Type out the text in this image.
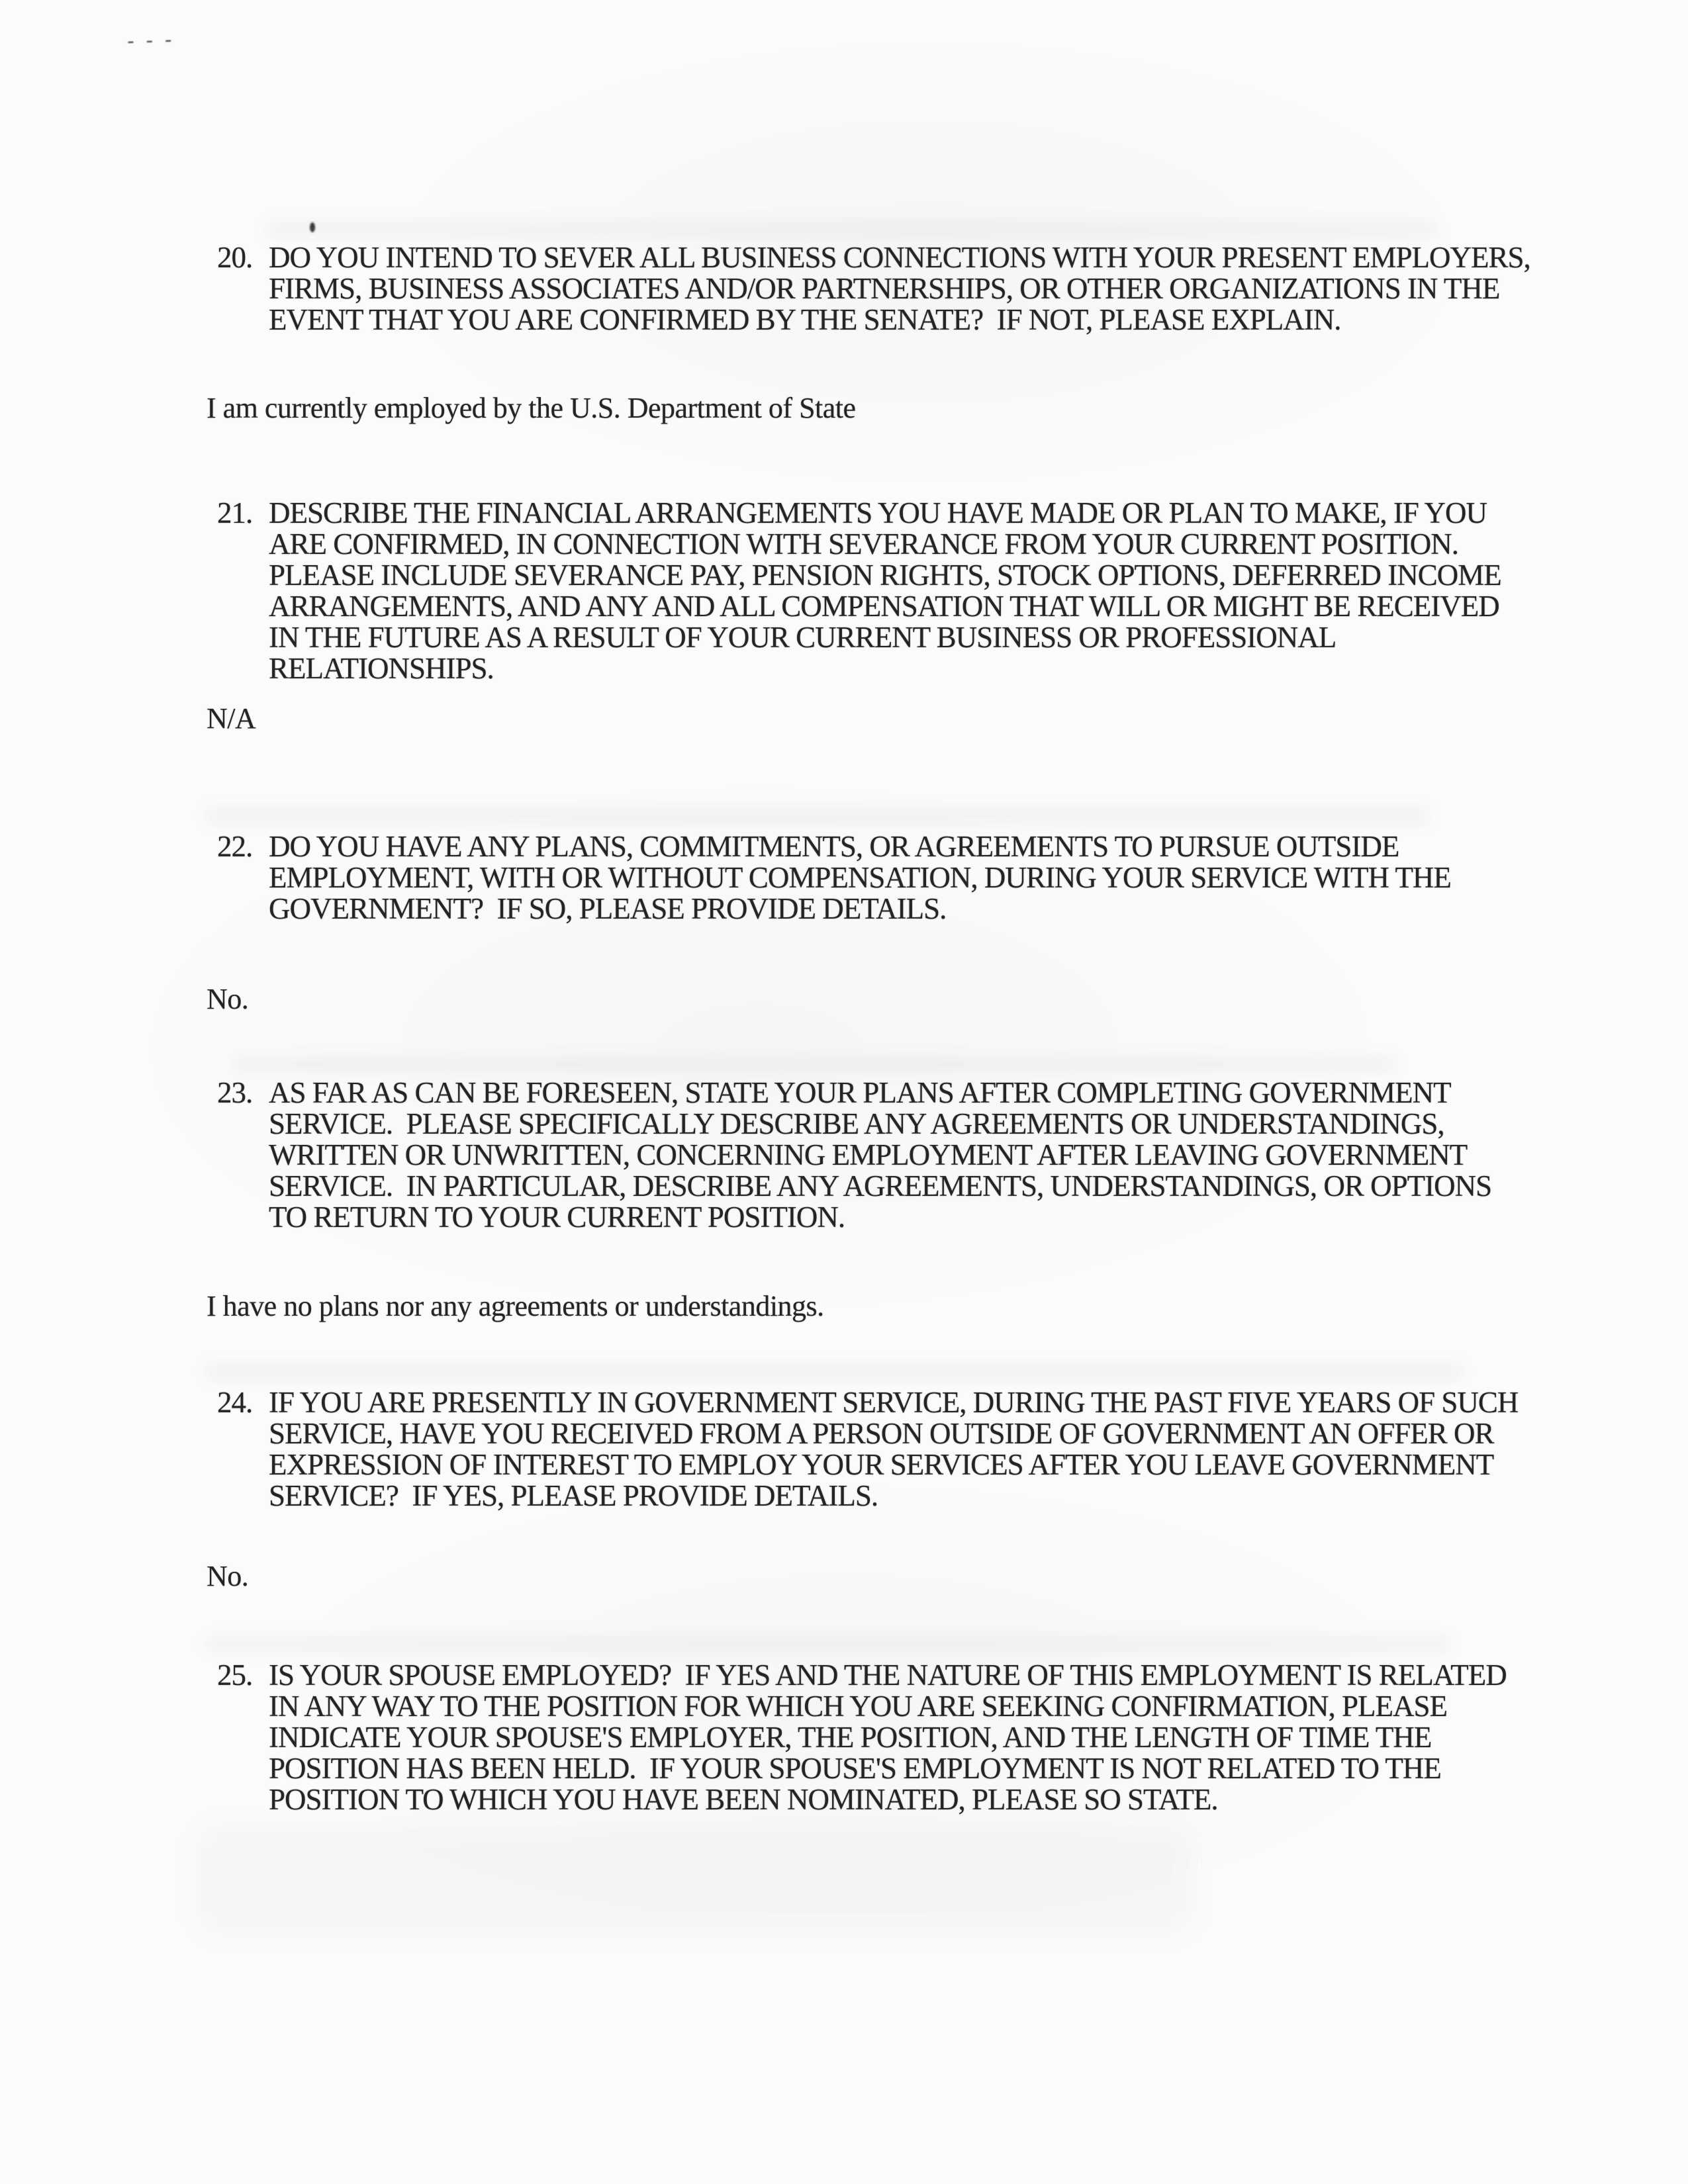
- - -
20. DO YOU INTEND TO SEVER ALL BUSINESS CONNECTIONS WITH YOUR PRESENT EMPLOYERS,
FIRMS, BUSINESS ASSOCIATES AND/OR PARTNERSHIPS, OR OTHER ORGANIZATIONS IN THE
EVENT THAT YOU ARE CONFIRMED BY THE SENATE?  IF NOT, PLEASE EXPLAIN.
I am currently employed by the U.S. Department of State
21. DESCRIBE THE FINANCIAL ARRANGEMENTS YOU HAVE MADE OR PLAN TO MAKE, IF YOU
ARE CONFIRMED, IN CONNECTION WITH SEVERANCE FROM YOUR CURRENT POSITION.
PLEASE INCLUDE SEVERANCE PAY, PENSION RIGHTS, STOCK OPTIONS, DEFERRED INCOME
ARRANGEMENTS, AND ANY AND ALL COMPENSATION THAT WILL OR MIGHT BE RECEIVED
IN THE FUTURE AS A RESULT OF YOUR CURRENT BUSINESS OR PROFESSIONAL
RELATIONSHIPS.
N/A
22. DO YOU HAVE ANY PLANS, COMMITMENTS, OR AGREEMENTS TO PURSUE OUTSIDE
EMPLOYMENT, WITH OR WITHOUT COMPENSATION, DURING YOUR SERVICE WITH THE
GOVERNMENT?  IF SO, PLEASE PROVIDE DETAILS.
No.
23. AS FAR AS CAN BE FORESEEN, STATE YOUR PLANS AFTER COMPLETING GOVERNMENT
SERVICE.  PLEASE SPECIFICALLY DESCRIBE ANY AGREEMENTS OR UNDERSTANDINGS,
WRITTEN OR UNWRITTEN, CONCERNING EMPLOYMENT AFTER LEAVING GOVERNMENT
SERVICE.  IN PARTICULAR, DESCRIBE ANY AGREEMENTS, UNDERSTANDINGS, OR OPTIONS
TO RETURN TO YOUR CURRENT POSITION.
I have no plans nor any agreements or understandings.
24. IF YOU ARE PRESENTLY IN GOVERNMENT SERVICE, DURING THE PAST FIVE YEARS OF SUCH
SERVICE, HAVE YOU RECEIVED FROM A PERSON OUTSIDE OF GOVERNMENT AN OFFER OR
EXPRESSION OF INTEREST TO EMPLOY YOUR SERVICES AFTER YOU LEAVE GOVERNMENT
SERVICE?  IF YES, PLEASE PROVIDE DETAILS.
No.
25. IS YOUR SPOUSE EMPLOYED?  IF YES AND THE NATURE OF THIS EMPLOYMENT IS RELATED
IN ANY WAY TO THE POSITION FOR WHICH YOU ARE SEEKING CONFIRMATION, PLEASE
INDICATE YOUR SPOUSE'S EMPLOYER, THE POSITION, AND THE LENGTH OF TIME THE
POSITION HAS BEEN HELD.  IF YOUR SPOUSE'S EMPLOYMENT IS NOT RELATED TO THE
POSITION TO WHICH YOU HAVE BEEN NOMINATED, PLEASE SO STATE.
